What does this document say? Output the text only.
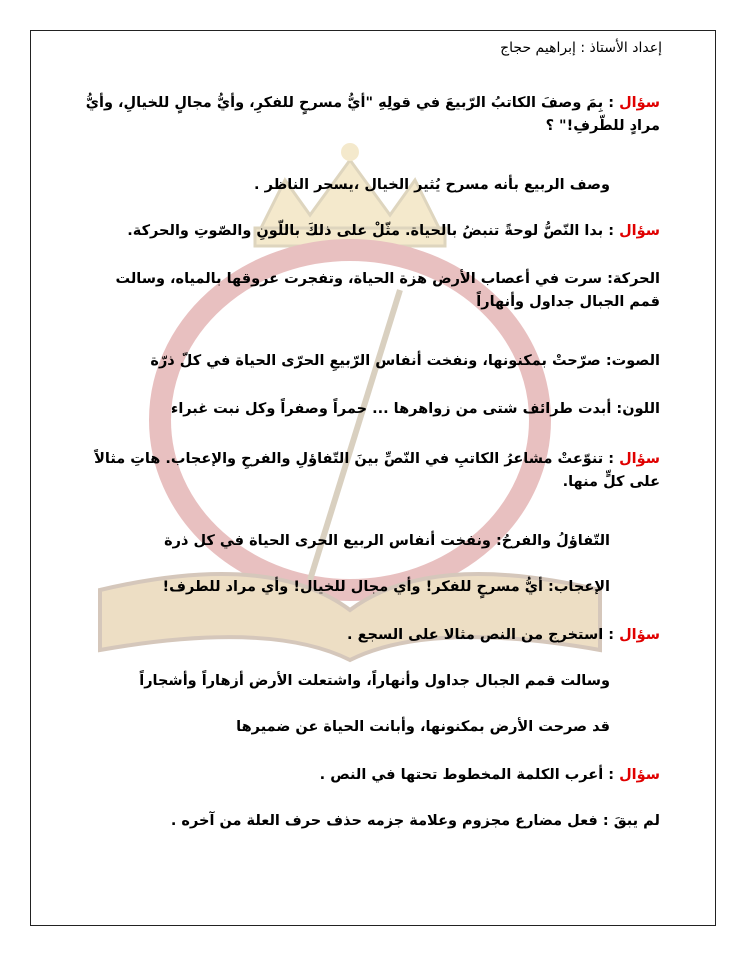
إعداد الأستاذ : إبراهيم حجاج
سؤال : بِمَ وصفَ الكاتبُ الرّبيعَ في قولِهِ "أيُّ مسرحٍ للفكرِ، وأيُّ مجالٍ للخيالِ، وأيُّ مرادٍ للطّرفِ!" ؟
وصف الربيع بأنه مسرح يُثير الخيال ،يسحر الناظر .
سؤال : بدا النّصُّ لوحةً تنبضُ بالحياة. مثّلْ على ذلكَ باللّونِ والصّوتِ والحركة.
الحركة: سرت في أعصاب الأرض هزة الحياة، وتفجرت عروقها بالمياه، وسالت قمم الجبال جداول وأنهاراً
الصوت: صرّحتْ بمكنونها، ونفخت أنفاس الرّبيعِ الحرّى الحياة في كلّ ذرّة
اللون: أبدت طرائف شتى من زواهرها ... حمراً وصفراً وكل نبت غبراء
سؤال : تنوّعتْ مشاعرُ الكاتبِ في النّصِّ بينَ التّفاؤلِ والفرحِ والإعجاب. هاتِ مثالاً على كلٍّ منها.
التّفاؤلُ والفرحُ: ونفخت أنفاس الربيع الحرى الحياة في كل ذرة
الإعجاب: أيُّ مسرحٍ للفكر! وأي مجال للخيال! وأي مراد للطرف!
سؤال : استخرج من النص مثالا على السجع .
وسالت قمم الجبال جداول وأنهاراً، واشتعلت الأرض أزهاراً وأشجاراً
قد صرحت الأرض بمكنونها، وأبانت الحياة عن ضميرها
سؤال : أعرب الكلمة المخطوط تحتها في النص .
لم يبقَ : فعل مضارع مجزوم وعلامة جزمه حذف حرف العلة من آخره .
